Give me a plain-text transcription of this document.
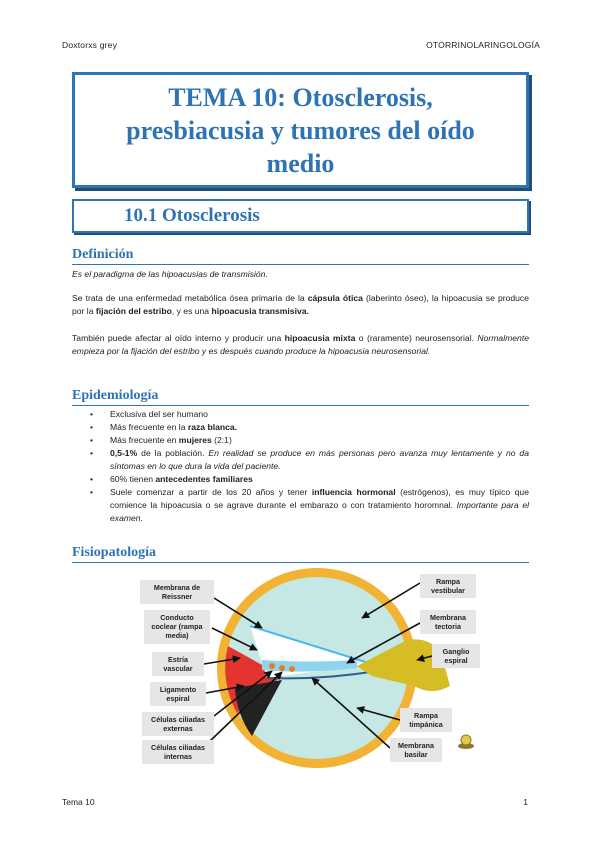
Doxtorxs grey	OTORRINOLARINGOLOGÍA
TEMA 10: Otosclerosis, presbiacusia y tumores del oído medio
10.1 Otosclerosis
Definición
Es el paradigma de las hipoacusias de transmisión.
Se trata de una enfermedad metabólica ósea primaria de la cápsula ótica (laberinto óseo), la hipoacusia se produce por la fijación del estribo, y es una hipoacusia transmisiva.
También puede afectar al oído interno y producir una hipoacusia mixta o (raramente) neurosensorial. Normalmente empieza por la fijación del estribo y es después cuando produce la hipoacusia neurosensorial.
Epidemiología
• Exclusiva del ser humano
• Más frecuente en la raza blanca.
• Más frecuente en mujeres (2:1)
• 0,5-1% de la población. En realidad se produce en más personas pero avanza muy lentamente y no da síntomas en lo que dura la vida del paciente.
• 60% tienen antecedentes familiares
• Suele comenzar a partir de los 20 años y tener influencia hormonal (estrógenos), es muy típico que comience la hipoacusia o se agrave durante el embarazo o con tratamiento horomnal. Importante para el examen.
Fisiopatología
Membrana de
Reissner
Conducto
coclear (rampa
media)
Estría
vascular
Ligamento
espiral
Células ciliadas
externas
Células ciliadas
internas
Rampa
vestibular
Membrana
tectoria
Ganglio
espiral
Rampa
timpánica
Membrana
basilar
Tema 10	1
